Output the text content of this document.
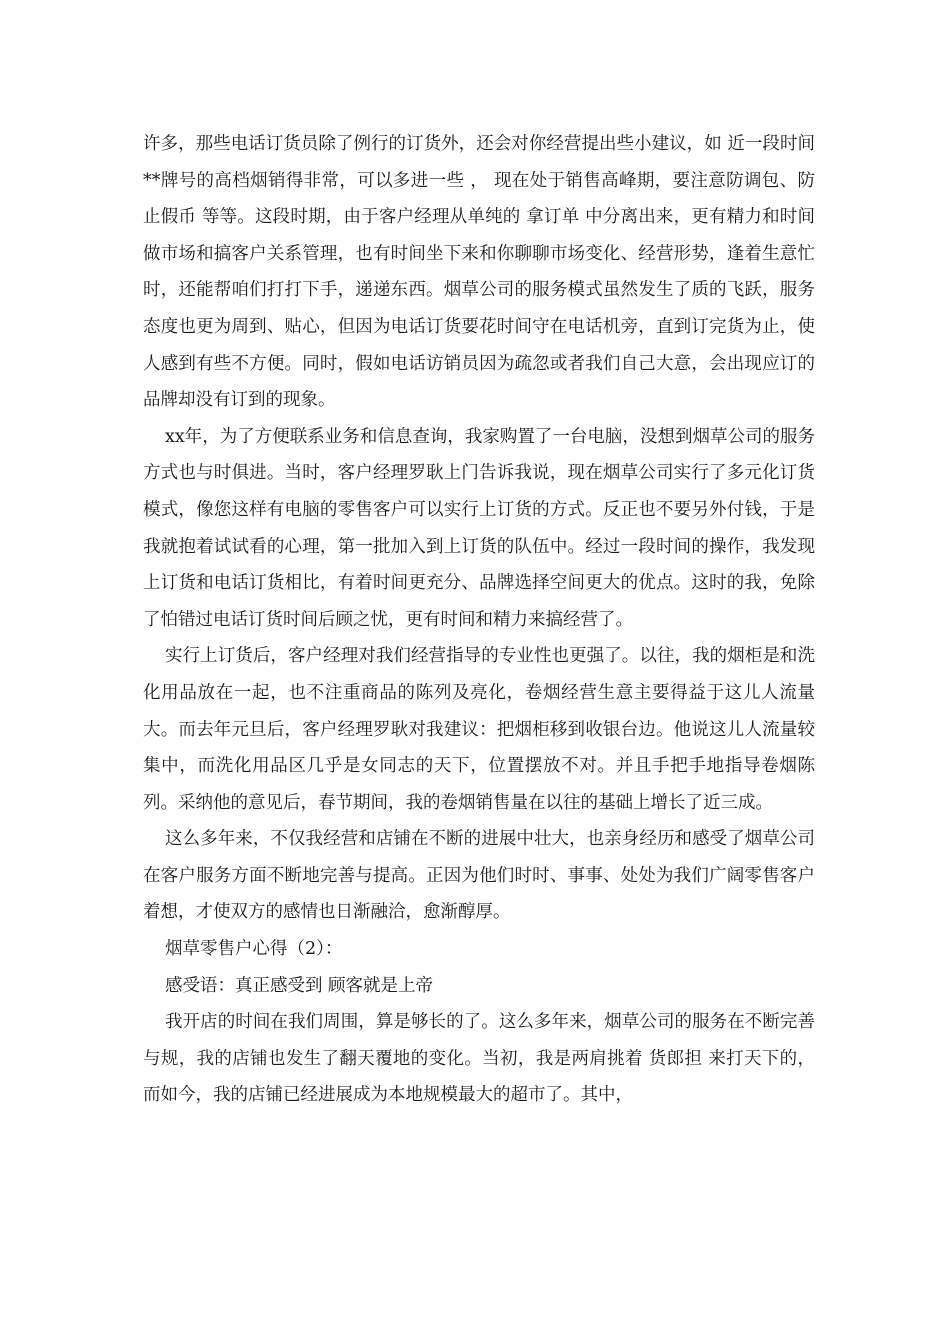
许多，那些电话订货员除了例行的订货外，还会对你经营提出些小建议，如 近一段时间**牌号的高档烟销得非常，可以多进一些 ， 现在处于销售高峰期，要注意防调包、防止假币 等等。这段时期，由于客户经理从单纯的 拿订单 中分离出来，更有精力和时间做市场和搞客户关系管理，也有时间坐下来和你聊聊市场变化、经营形势，逢着生意忙时，还能帮咱们打打下手，递递东西。烟草公司的服务模式虽然发生了质的飞跃，服务态度也更为周到、贴心，但因为电话订货要花时间守在电话机旁，直到订完货为止，使人感到有些不方便。同时，假如电话访销员因为疏忽或者我们自己大意，会出现应订的品牌却没有订到的现象。

xx年，为了方便联系业务和信息查询，我家购置了一台电脑，没想到烟草公司的服务方式也与时俱进。当时，客户经理罗耿上门告诉我说，现在烟草公司实行了多元化订货模式，像您这样有电脑的零售客户可以实行上订货的方式。反正也不要另外付钱，于是我就抱着试试看的心理，第一批加入到上订货的队伍中。经过一段时间的操作，我发现上订货和电话订货相比，有着时间更充分、品牌选择空间更大的优点。这时的我，免除了怕错过电话订货时间后顾之忧，更有时间和精力来搞经营了。

实行上订货后，客户经理对我们经营指导的专业性也更强了。以往，我的烟柜是和洗化用品放在一起，也不注重商品的陈列及亮化，卷烟经营生意主要得益于这儿人流量大。而去年元旦后，客户经理罗耿对我建议：把烟柜移到收银台边。他说这儿人流量较集中，而洗化用品区几乎是女同志的天下，位置摆放不对。并且手把手地指导卷烟陈列。采纳他的意见后，春节期间，我的卷烟销售量在以往的基础上增长了近三成。

这么多年来，不仅我经营和店铺在不断的进展中壮大，也亲身经历和感受了烟草公司在客户服务方面不断地完善与提高。正因为他们时时、事事、处处为我们广阔零售客户着想，才使双方的感情也日渐融洽，愈渐醇厚。

烟草零售户心得（2）：

感受语：真正感受到 顾客就是上帝

我开店的时间在我们周围，算是够长的了。这么多年来，烟草公司的服务在不断完善与规，我的店铺也发生了翻天覆地的变化。当初，我是两肩挑着 货郎担 来打天下的，而如今，我的店铺已经进展成为本地规模最大的超市了。其中，
